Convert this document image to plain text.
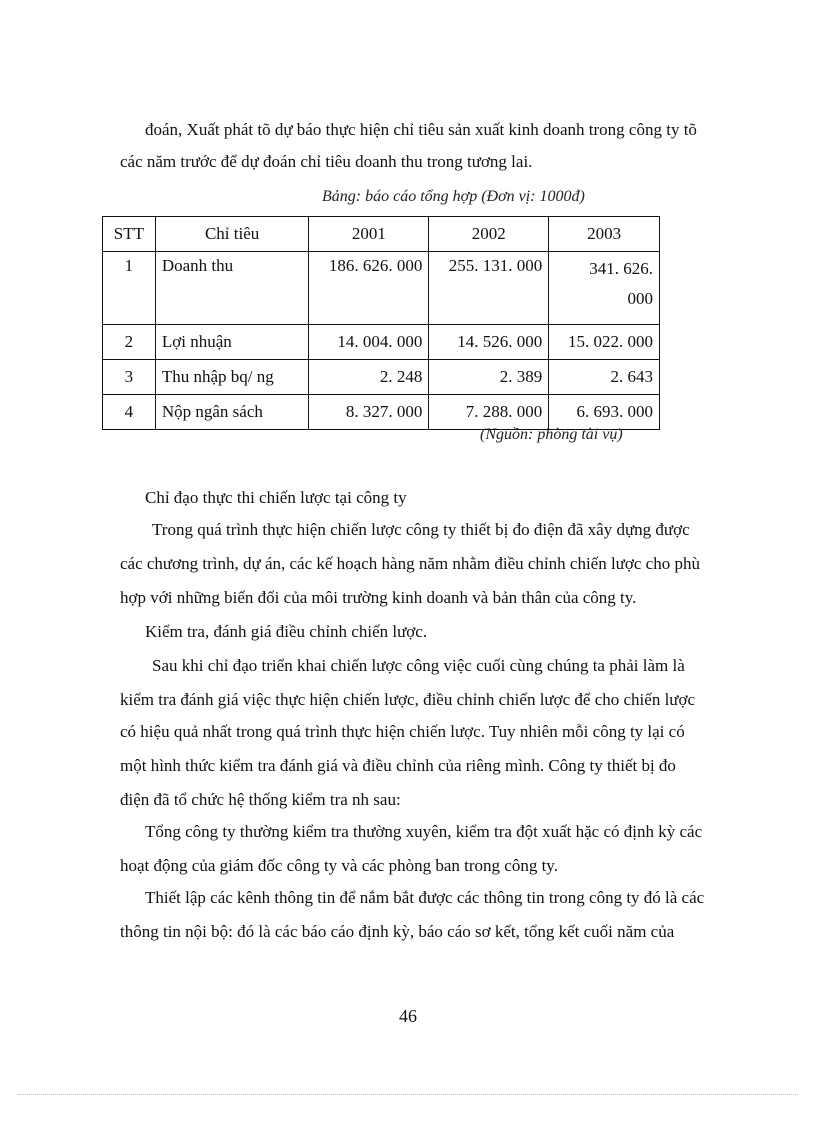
đoán, Xuất phát tõ dự báo thực hiện chỉ tiêu sản xuất kinh doanh trong công ty tõ
các năm trước để dự đoán chỉ tiêu doanh thu trong tương lai.
Bảng: báo cáo tổng hợp (Đơn vị: 1000đ)
STT	Chỉ tiêu	2001	2002	2003
1	Doanh thu	186. 626. 000	255. 131. 000	341. 626.
000
2	Lợi nhuận	14. 004. 000	14. 526. 000	15. 022. 000
3	Thu nhập bq/ ng	2. 248	2. 389	2. 643
4	Nộp ngân sách	8. 327. 000	7. 288. 000	6. 693. 000
(Nguồn: phòng tài vụ)
Chỉ đạo thực thi chiến lược tại công ty
Trong quá trình thực hiện chiến lược công ty thiết bị đo điện đã xây dựng được
các chương trình, dự án, các kế hoạch hàng năm nhằm điều chỉnh chiến lược cho phù
hợp với những biến đổi của môi trường kinh doanh và bản thân của công ty.
Kiểm tra, đánh giá điều chỉnh chiến lược.
Sau khi chỉ đạo triển khai chiến lược công việc cuối cùng chúng ta phải làm là
kiểm tra đánh giá việc thực hiện chiến lược, điều chỉnh chiến lược để cho chiến lược
có hiệu quả nhất trong quá trình thực hiện chiến lược. Tuy nhiên mỗi công ty lại có
một hình thức kiểm tra đánh giá và điều chỉnh của riêng mình. Công ty thiết bị đo
điện đã tổ chức hệ thống kiểm tra nh sau:
Tổng công ty thường kiểm tra thường xuyên, kiểm tra đột xuất hặc có định kỳ các
hoạt động của giám đốc công ty và các phòng ban trong công ty.
Thiết lập các kênh thông tin để nắm bắt được các thông tin trong công ty đó là các
thông tin nội bộ: đó là các báo cáo định kỳ, báo cáo sơ kết, tổng kết cuối năm của
46
